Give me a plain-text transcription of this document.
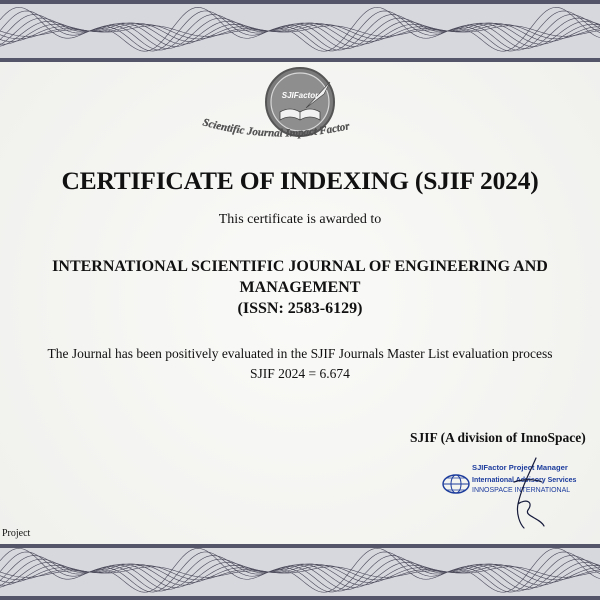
SJIFactor
Scientific Journal Impact Factor
CERTIFICATE OF INDEXING (SJIF 2024)
This certificate is awarded to
INTERNATIONAL SCIENTIFIC JOURNAL OF ENGINEERING AND
MANAGEMENT
(ISSN: 2583-6129)
The Journal has been positively evaluated in the SJIF Journals Master List evaluation process
SJIF 2024 = 6.674
SJIF (A division of InnoSpace)
SJIFactor Project Manager
International Advisory Services
INNOSPACE INTERNATIONAL
Project
